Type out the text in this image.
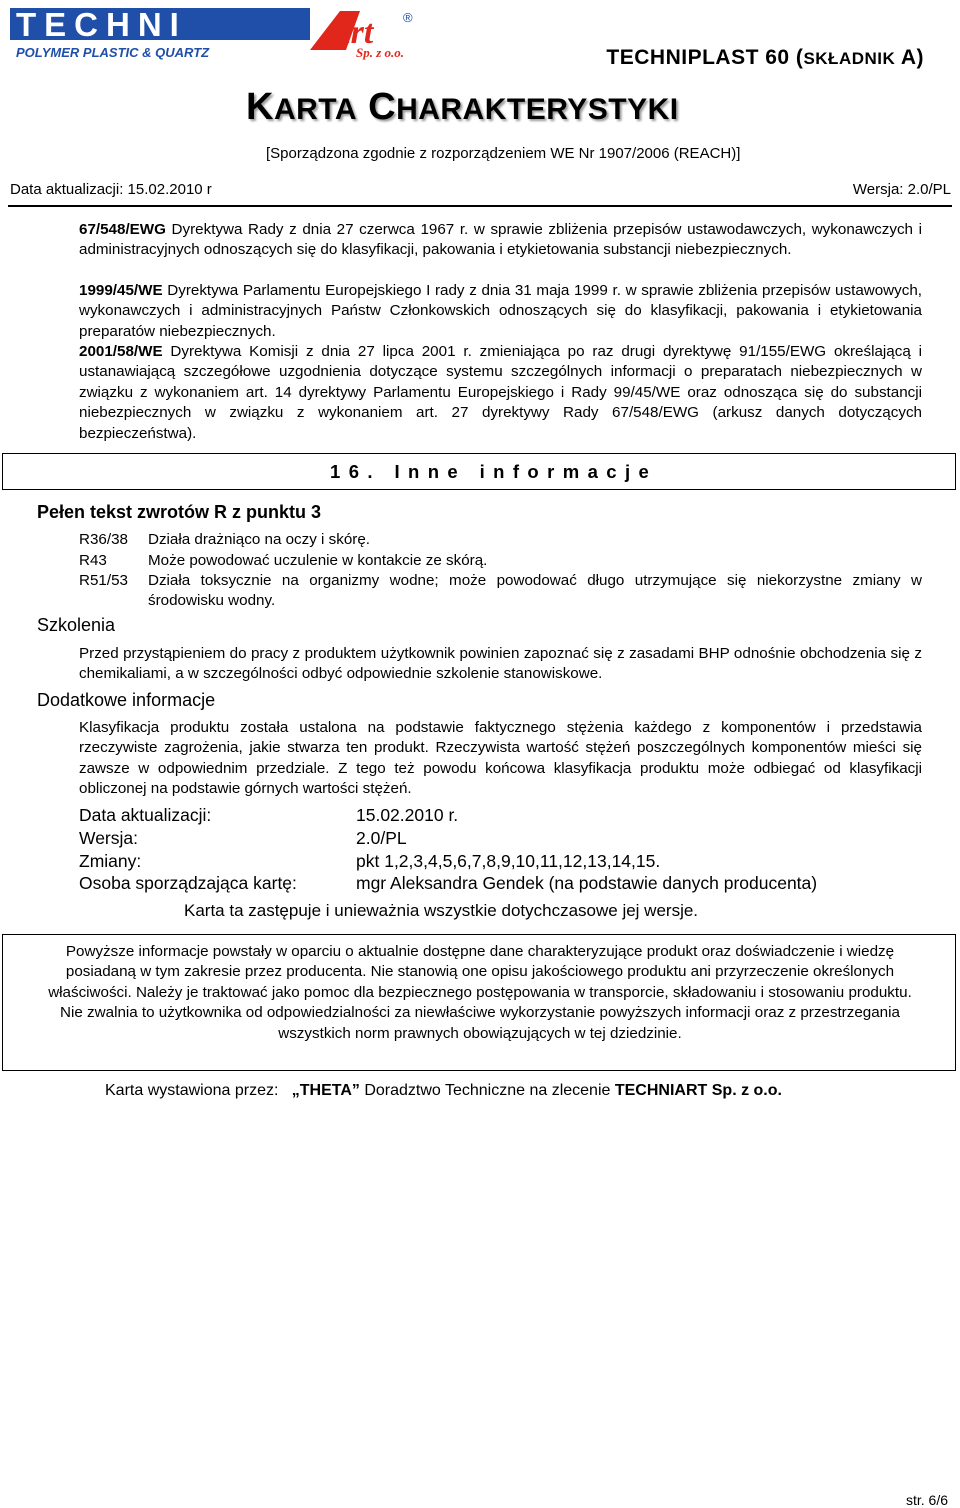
TECHNI	Art ®
POLYMER PLASTIC & QUARTZ	Sp. z o.o.	TECHNIPLAST 60 (SKŁADNIK A)
KARTA CHARAKTERYSTYKI
[Sporządzona zgodnie z rozporządzeniem WE Nr 1907/2006 (REACH)]
Data aktualizacji: 15.02.2010 r	Wersja: 2.0/PL

67/548/EWG Dyrektywa Rady z dnia 27 czerwca 1967 r. w sprawie zbliżenia przepisów ustawodawczych, wykonawczych i administracyjnych odnoszących się do klasyfikacji, pakowania i etykietowania substancji niebezpiecznych.

1999/45/WE Dyrektywa Parlamentu Europejskiego I rady z dnia 31 maja 1999 r. w sprawie zbliżenia przepisów ustawowych, wykonawczych i administracyjnych Państw Członkowskich odnoszących się do klasyfikacji, pakowania i etykietowania preparatów niebezpiecznych.

2001/58/WE Dyrektywa Komisji z dnia 27 lipca 2001 r. zmieniająca po raz drugi dyrektywę 91/155/EWG określającą i ustanawiającą szczegółowe uzgodnienia dotyczące systemu szczególnych informacji o preparatach niebezpiecznych w związku z wykonaniem art. 14 dyrektywy Parlamentu Europejskiego i Rady 99/45/WE oraz odnosząca się do substancji niebezpiecznych w związku z wykonaniem art. 27 dyrektywy Rady 67/548/EWG (arkusz danych dotyczących bezpieczeństwa).

16. Inne informacje
Pełen tekst zwrotów R z punktu 3
R36/38 Działa drażniąco na oczy i skórę.
R43	Może powodować uczulenie w kontakcie ze skórą.
R51/53 Działa toksycznie na organizmy wodne; może powodować długo utrzymujące się niekorzystne zmiany w środowisku wodny.
Szkolenia

Przed przystąpieniem do pracy z produktem użytkownik powinien zapoznać się z zasadami BHP odnośnie obchodzenia się z chemikaliami, a w szczególności odbyć odpowiednie szkolenie stanowiskowe.

Dodatkowe informacje

Klasyfikacja produktu została ustalona na podstawie faktycznego stężenia każdego z komponentów i przedstawia rzeczywiste zagrożenia, jakie stwarza ten produkt. Rzeczywista wartość stężeń poszczególnych komponentów mieści się zawsze w odpowiednim przedziale. Z tego też powodu końcowa klasyfikacja produktu może odbiegać od klasyfikacji obliczonej na podstawie górnych wartości stężeń.

Data aktualizacji:	15.02.2010 r.
Wersja:	2.0/PL
Zmiany:	pkt 1,2,3,4,5,6,7,8,9,10,11,12,13,14,15.
Osoba sporządzająca kartę:	mgr Aleksandra Gendek (na podstawie danych producenta)
Karta ta zastępuje i unieważnia wszystkie dotychczasowe jej wersje.
Powyższe informacje powstały w oparciu o aktualnie dostępne dane charakteryzujące produkt oraz doświadczenie i wiedzę posiadaną w tym zakresie przez producenta. Nie stanowią one opisu jakościowego produktu ani przyrzeczenie określonych właściwości. Należy je traktować jako pomoc dla bezpiecznego postępowania w transporcie, składowaniu i stosowaniu produktu. Nie zwalnia to użytkownika od odpowiedzialności za niewłaściwe wykorzystanie powyższych informacji oraz z przestrzegania wszystkich norm prawnych obowiązujących w tej dziedzinie.
Karta wystawiona przez: „THETA” Doradztwo Techniczne na zlecenie TECHNIART Sp. z o.o.
str. 6/6
